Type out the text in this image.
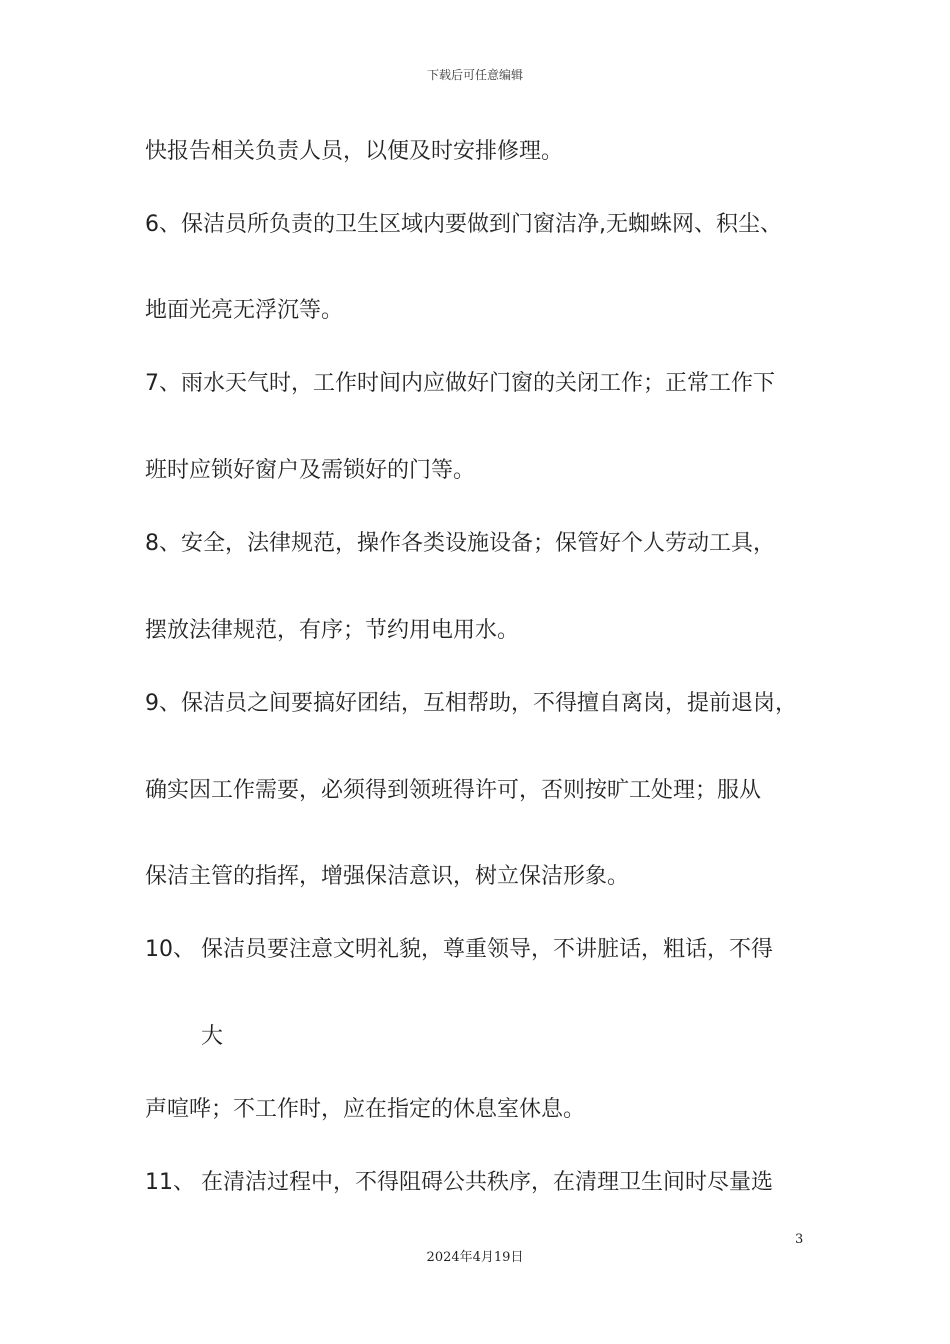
下载后可任意编辑
快报告相关负责人员，以便及时安排修理。
6、保洁员所负责的卫生区域内要做到门窗洁净,无蜘蛛网、积尘、
地面光亮无浮沉等。
7、雨水天气时，工作时间内应做好门窗的关闭工作；正常工作下
班时应锁好窗户及需锁好的门等。
8、安全，法律规范，操作各类设施设备；保管好个人劳动工具，
摆放法律规范，有序；节约用电用水。
9、保洁员之间要搞好团结，互相帮助，不得擅自离岗，提前退岗，
确实因工作需要，必须得到领班得许可，否则按旷工处理；服从
保洁主管的指挥，增强保洁意识，树立保洁形象。
10、 保洁员要注意文明礼貌，尊重领导，不讲脏话，粗话，不得
大
声喧哗；不工作时，应在指定的休息室休息。
11、 在清洁过程中，不得阻碍公共秩序，在清理卫生间时尽量选
3
2024年4月19日
